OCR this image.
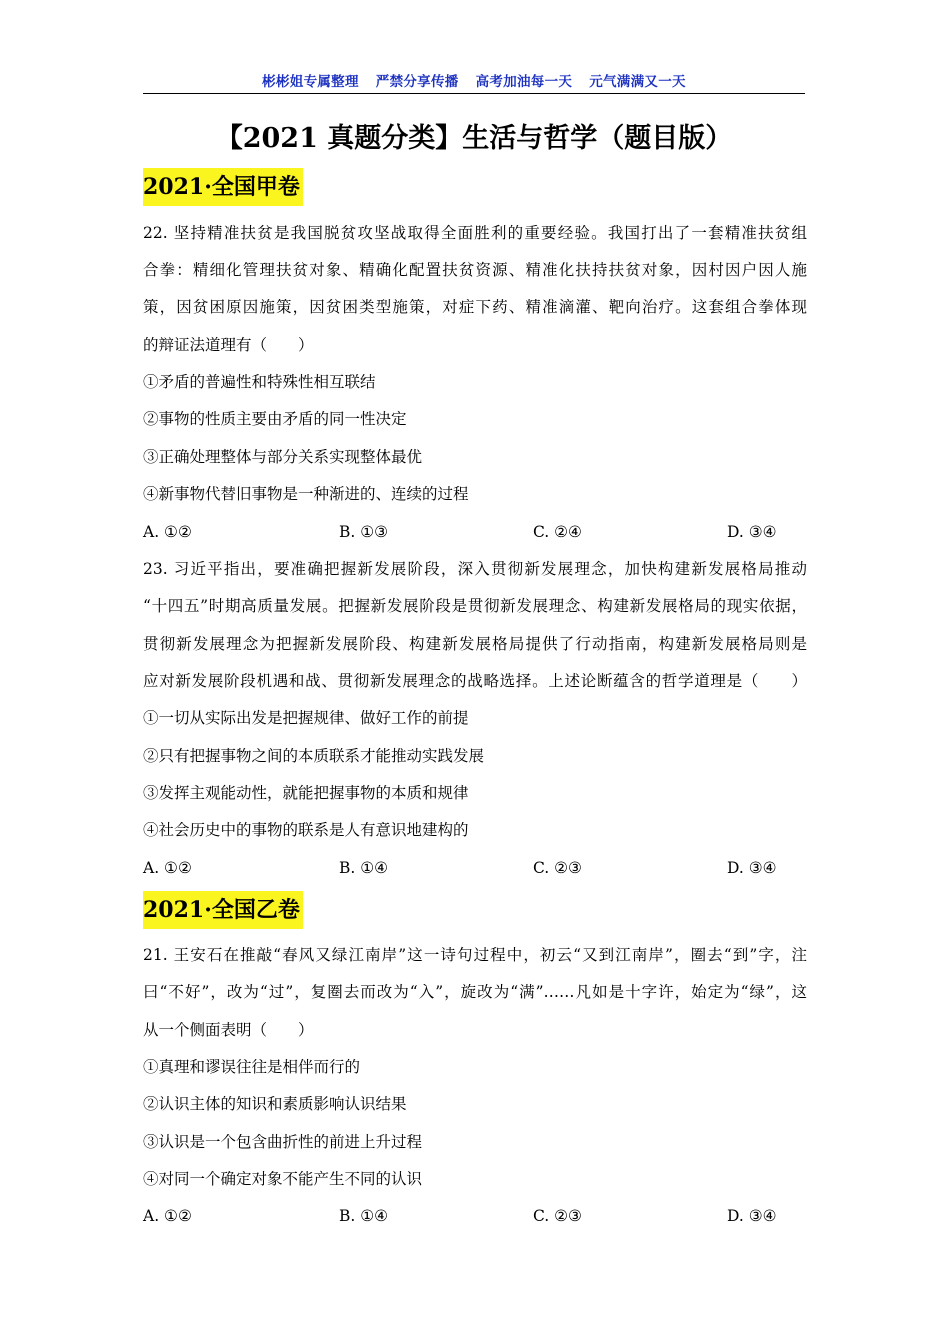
彬彬姐专属整理 严禁分享传播 高考加油每一天 元气满满又一天
【2021 真题分类】生活与哲学（题目版）
2021·全国甲卷
22. 坚持精准扶贫是我国脱贫攻坚战取得全面胜利的重要经验。我国打出了一套精准扶贫组
合拳：精细化管理扶贫对象、精确化配置扶贫资源、精准化扶持扶贫对象，因村因户因人施
策，因贫困原因施策，因贫困类型施策，对症下药、精准滴灌、靶向治疗。这套组合拳体现
的辩证法道理有（　　）
①矛盾的普遍性和特殊性相互联结
②事物的性质主要由矛盾的同一性决定
③正确处理整体与部分关系实现整体最优
④新事物代替旧事物是一种渐进的、连续的过程
A. ①②	B. ①③	C. ②④	D. ③④
23. 习近平指出，要准确把握新发展阶段，深入贯彻新发展理念，加快构建新发展格局推动
“十四五”时期高质量发展。把握新发展阶段是贯彻新发展理念、构建新发展格局的现实依据，
贯彻新发展理念为把握新发展阶段、构建新发展格局提供了行动指南，构建新发展格局则是
应对新发展阶段机遇和战、贯彻新发展理念的战略选择。上述论断蕴含的哲学道理是（　　）
①一切从实际出发是把握规律、做好工作的前提
②只有把握事物之间的本质联系才能推动实践发展
③发挥主观能动性，就能把握事物的本质和规律
④社会历史中的事物的联系是人有意识地建构的
A. ①②	B. ①④	C. ②③	D. ③④
2021·全国乙卷
21. 王安石在推敲“春风又绿江南岸”这一诗句过程中，初云“又到江南岸”，圈去“到”字，注
曰“不好”，改为“过”，复圈去而改为“入”，旋改为“满”……凡如是十字许，始定为“绿”，这
从一个侧面表明（　　）
①真理和谬误往往是相伴而行的
②认识主体的知识和素质影响认识结果
③认识是一个包含曲折性的前进上升过程
④对同一个确定对象不能产生不同的认识
A. ①②	B. ①④	C. ②③	D. ③④
